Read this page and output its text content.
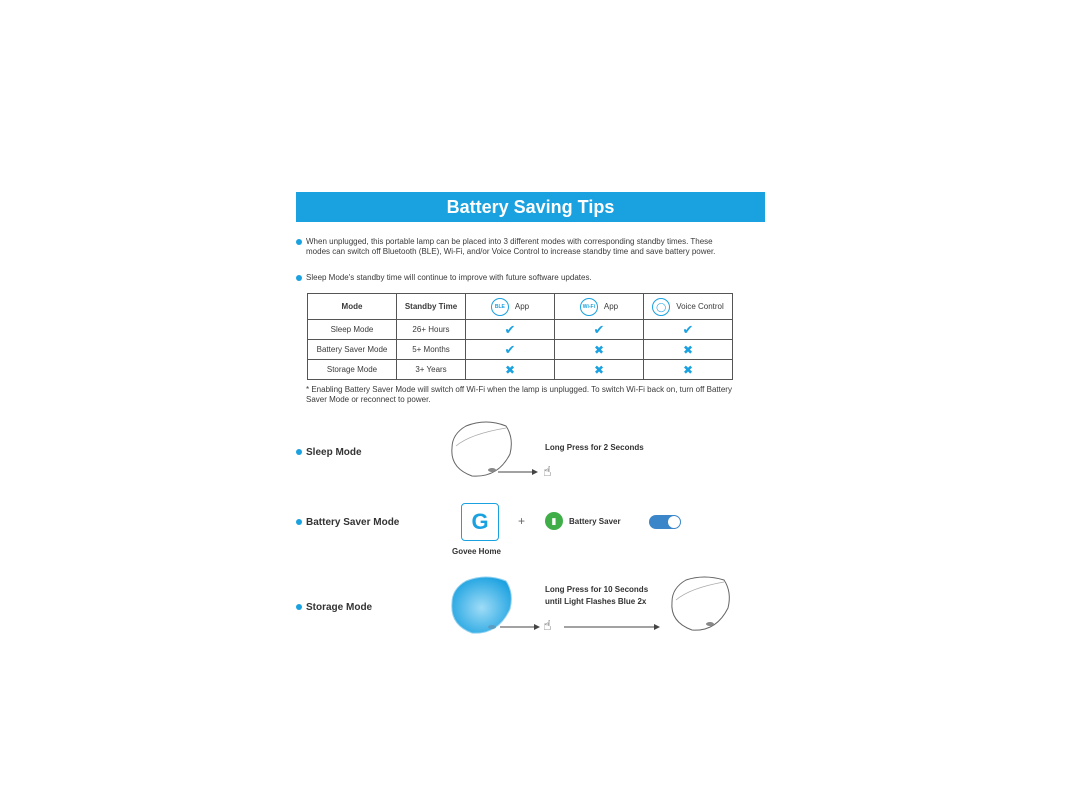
Battery Saving Tips
When unplugged, this portable lamp can be placed into 3 different modes with corresponding standby times. These modes can switch off Bluetooth (BLE), Wi-Fi, and/or Voice Control to increase standby time and save battery power.
Sleep Mode's standby time will continue to improve with future software updates.
Mode	Standby Time	BLE App	Wi-Fi App	◯ Voice Control
Sleep Mode	26+ Hours	✔	✔	✔
Battery Saver Mode	5+ Months	✔	✖	✖
Storage Mode	3+ Years	✖	✖	✖
* Enabling Battery Saver Mode will switch off Wi-Fi when the lamp is unplugged. To switch Wi-Fi back on, turn off Battery Saver Mode or reconnect to power.
Sleep Mode
☝
Long Press for 2 Seconds
Battery Saver Mode	G
Govee Home
+	▮	Battery Saver
Storage Mode
☝
Long Press for 10 Seconds
until Light Flashes Blue 2x
